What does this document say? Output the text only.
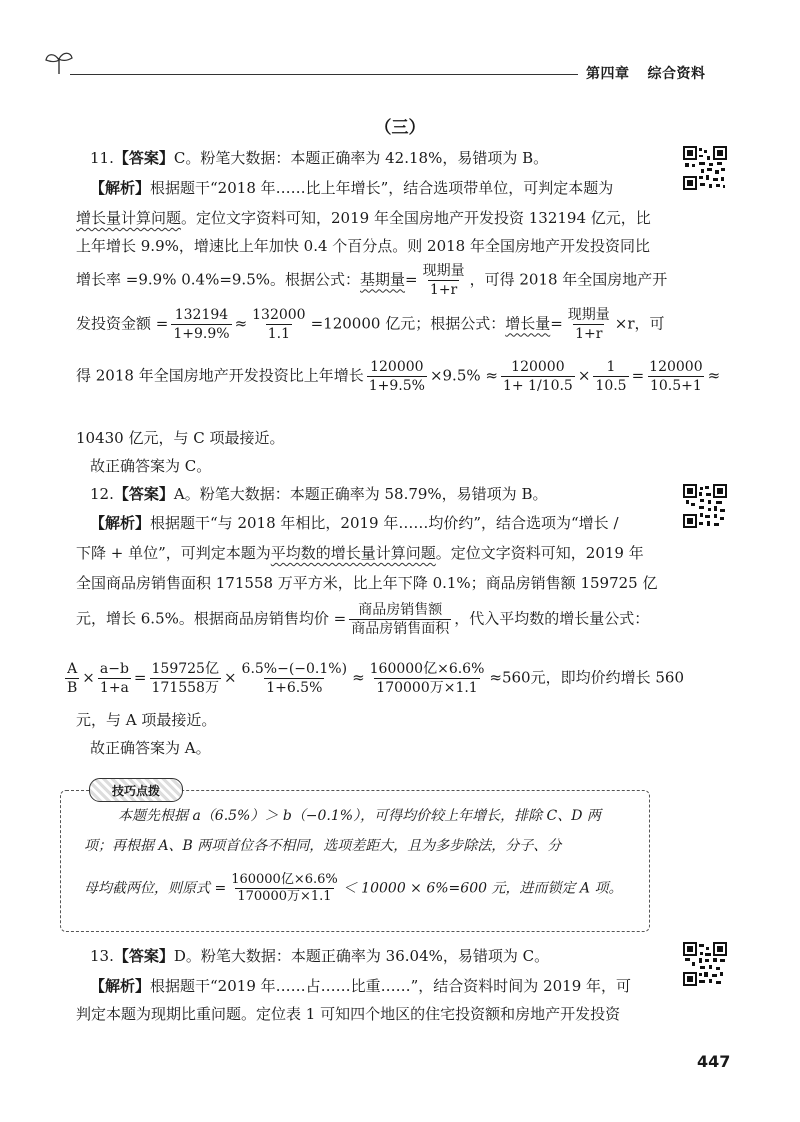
第四章 综合资料
（三）
11.【答案】C。粉笔大数据：本题正确率为 42.18%，易错项为 B。
【解析】根据题干“2018 年……比上年增长”，结合选项带单位，可判定本题为
增长量计算问题。定位文字资料可知，2019 年全国房地产开发投资 132194 亿元，比
上年增长 9.9%，增速比上年加快 0.4 个百分点。则 2018 年全国房地产开发投资同比
增长率 =9.9% 0.4%=9.5%。根据公式：基期量= $\frac{\text{现期量}}{1+r}$ ，可得 2018 年全国房地产开
发投资金额 = $\frac{132194}{1+9.9\%} \approx \frac{132000}{1.1} =120000$ 亿元；根据公式：增长量= $\frac{\text{现期量}}{1+r} \times r$，可
得 2018 年全国房地产开发投资比上年增长 $\frac{120000}{1+9.5\%} \times 9.5\% \approx \frac{120000}{1+ 1/10.5} \times \frac{1}{10.5} = \frac{120000}{10.5+1}$ ≈
10430 亿元，与 C 项最接近。
故正确答案为 C。
12.【答案】A。粉笔大数据：本题正确率为 58.79%，易错项为 B。
【解析】根据题干“与 2018 年相比，2019 年……均价约”，结合选项为“增长 /
下降 + 单位”，可判定本题为平均数的增长量计算问题。定位文字资料可知，2019 年
全国商品房销售面积 171558 万平方米，比上年下降 0.1%；商品房销售额 159725 亿
元，增长 6.5%。根据商品房销售均价 = $\frac{\text{商品房销售额}}{\text{商品房销售面积}}$ ，代入平均数的增长量公式：
$\frac{A}{B} \times \frac{a-b}{1+a} = \frac{\text{159725亿}}{\text{171558万}} \times \frac{6.5\%-(-0.1\%)}{1+6.5\%} \approx \frac{\text{160000亿×6.6\%}}{\text{170000万×1.1}} \approx 560$元，即均价约增长 560
元，与 A 项最接近。
故正确答案为 A。
技巧点拨
本题先根据 a（6.5%）＞ b（−0.1%），可得均价较上年增长，排除 C、D 两
项；再根据 A、B 两项首位各不相同，选项差距大，且为多步除法，分子、分
母均截两位，则原式 = $\frac{\text{160000亿×6.6\%}}{\text{170000万×1.1}} < 10000 \times 6\%=600$ 元，进而锁定 A 项。
13.【答案】D。粉笔大数据：本题正确率为 36.04%，易错项为 C。
【解析】根据题干“2019 年……占……比重……”，结合资料时间为 2019 年，可
判定本题为现期比重问题。定位表 1 可知四个地区的住宅投资额和房地产开发投资
447
